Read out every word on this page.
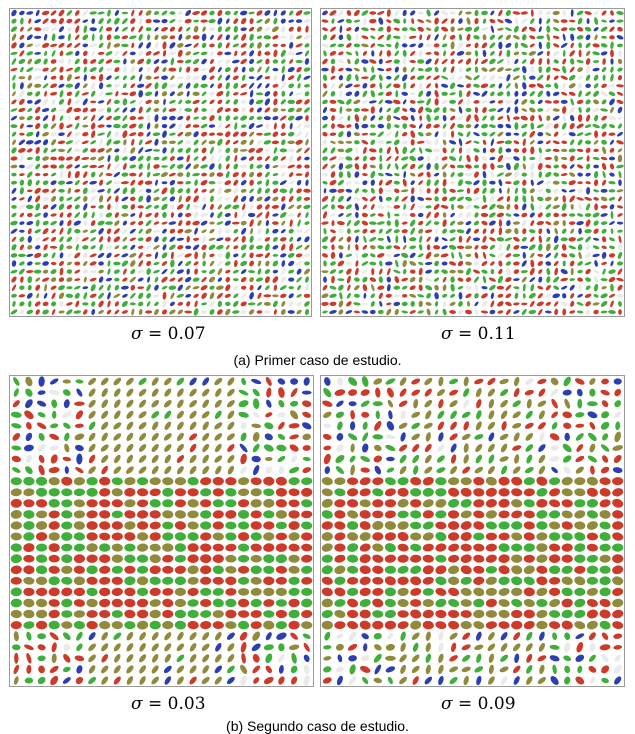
σ = 0.07	σ = 0.11
(a) Primer caso de estudio.
σ = 0.03	σ = 0.09
(b) Segundo caso de estudio.
